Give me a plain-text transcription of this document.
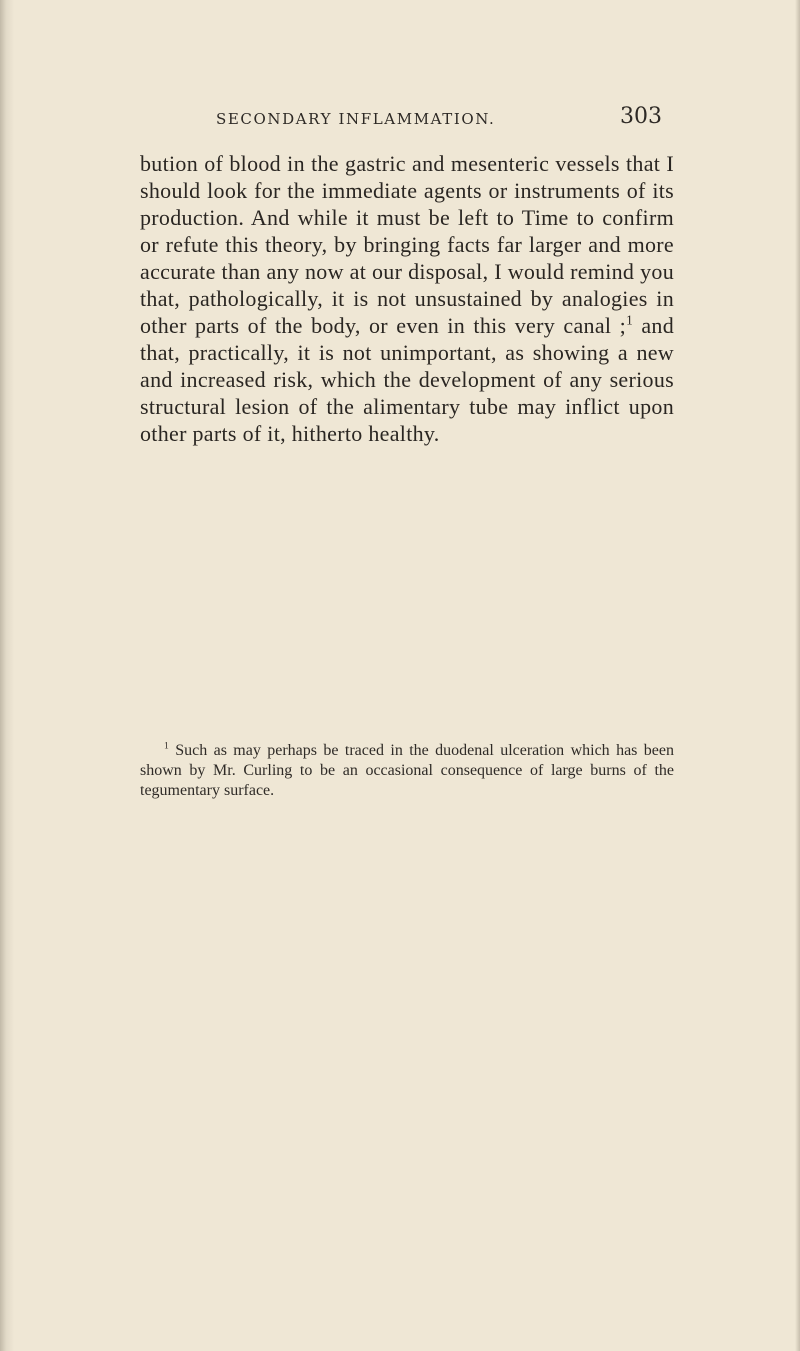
SECONDARY INFLAMMATION.	303

bution of blood in the gastric and mesenteric vessels that I should look for the immediate agents or instruments of its production. And while it must be left to Time to confirm or refute this theory, by bringing facts far larger and more accurate than any now at our disposal, I would remind you that, pathologically, it is not unsustained by analogies in other parts of the body, or even in this very canal ;$^1$ and that, practically, it is not unimportant, as showing a new and increased risk, which the development of any serious structural lesion of the alimentary tube may inflict upon other parts of it, hitherto healthy.

$^1$ Such as may perhaps be traced in the duodenal ulceration which has been shown by Mr. Curling to be an occasional consequence of large burns of the tegumentary surface.
